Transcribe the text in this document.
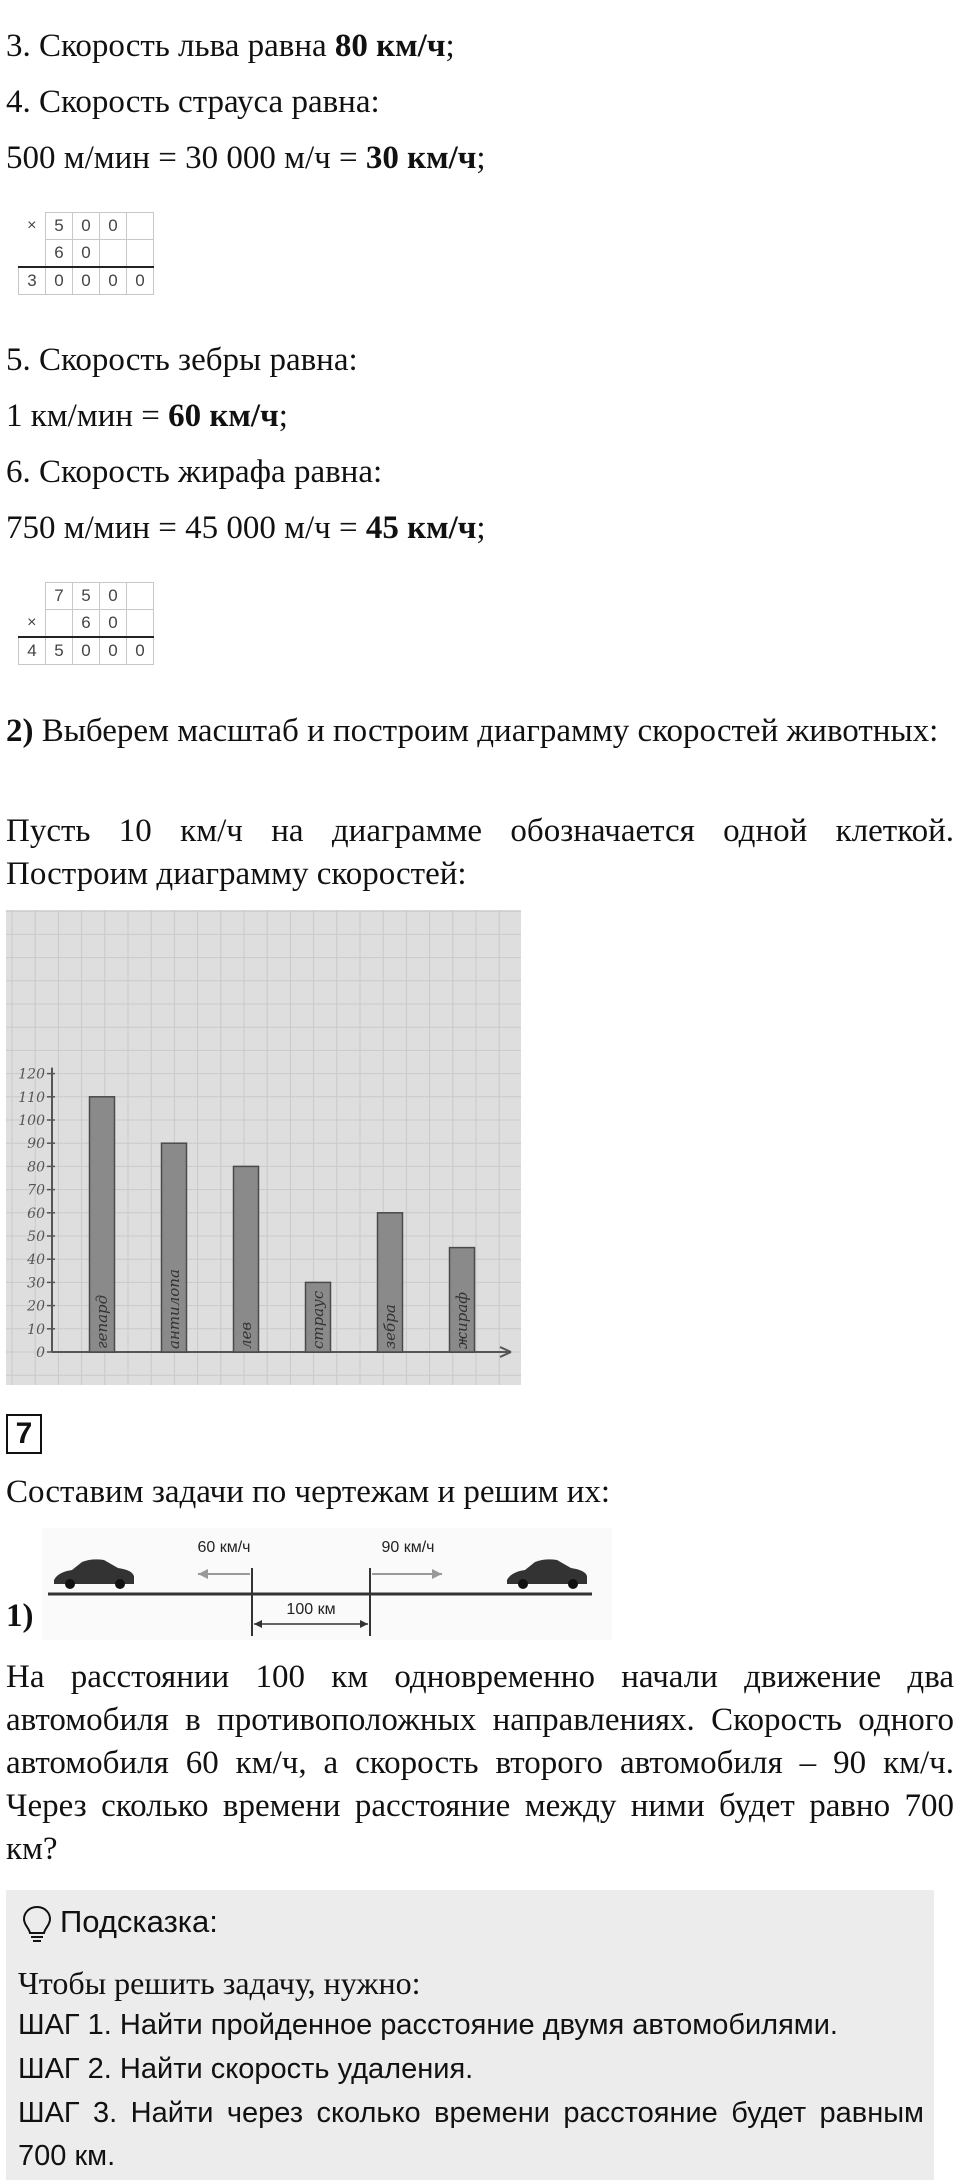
3. Скорость льва равна 80 км/ч;
4. Скорость страуса равна:
500 м/мин = 30 000 м/ч = 30 км/ч;
×	5	0	0	
	6	0		
3	0	0	0	0
5. Скорость зебры равна:
1 км/мин = 60 км/ч;
6. Скорость жирафа равна:
750 м/мин = 45 000 м/ч = 45 км/ч;
	7	5	0	
×		6	0	
4	5	0	0	0
2) Выберем масштаб и построим диаграмму скоростей животных:
Пусть 10 км/ч на диаграмме обозначается одной клеткой. Построим диаграмму скоростей:
0
10
20
30
40
50
60
70
80
90
100
110
120
гепард	антилопа	лев	страус	зебра	жираф
7
Составим задачи по чертежам и решим их:
60 км/ч	90 км/ч
100 км
1)
На расстоянии 100 км одновременно начали движение два автомобиля в противоположных направлениях. Скорость одного автомобиля 60 км/ч, а скорость второго автомобиля – 90 км/ч. Через сколько времени расстояние между ними будет равно 700 км?
Подсказка:
Чтобы решить задачу, нужно:
ШАГ 1. Найти пройденное расстояние двумя автомобилями.
ШАГ 2. Найти скорость удаления.
ШАГ 3. Найти через сколько времени расстояние будет равным 700 км.
